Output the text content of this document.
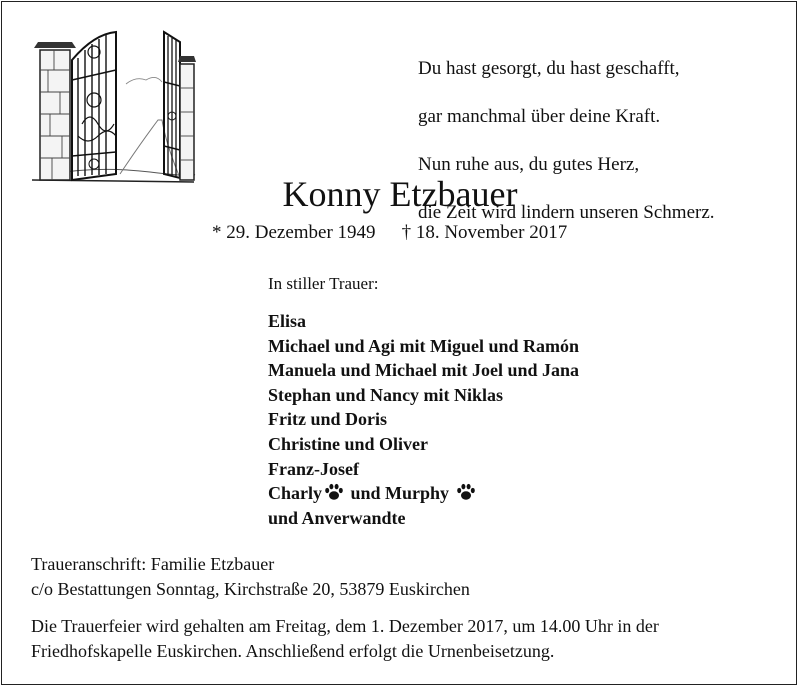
Du hast gesorgt, du hast geschafft,

gar manchmal über deine Kraft.

Nun ruhe aus, du gutes Herz,

die Zeit wird lindern unseren Schmerz.

Konny Etzbauer
* 29. Dezember 1949 † 18. November 2017
In stiller Trauer:
Elisa
Michael und Agi mit Miguel und Ramón
Manuela und Michael mit Joel und Jana
Stephan und Nancy mit Niklas
Fritz und Doris
Christine und Oliver
Franz-Josef
Charly und Murphy
und Anverwandte
Traueranschrift: Familie Etzbauer
c/o Bestattungen Sonntag, Kirchstraße 20, 53879 Euskirchen
Die Trauerfeier wird gehalten am Freitag, dem 1. Dezember 2017, um 14.00 Uhr in der Friedhofskapelle Euskirchen. Anschließend erfolgt die Urnenbeisetzung.
